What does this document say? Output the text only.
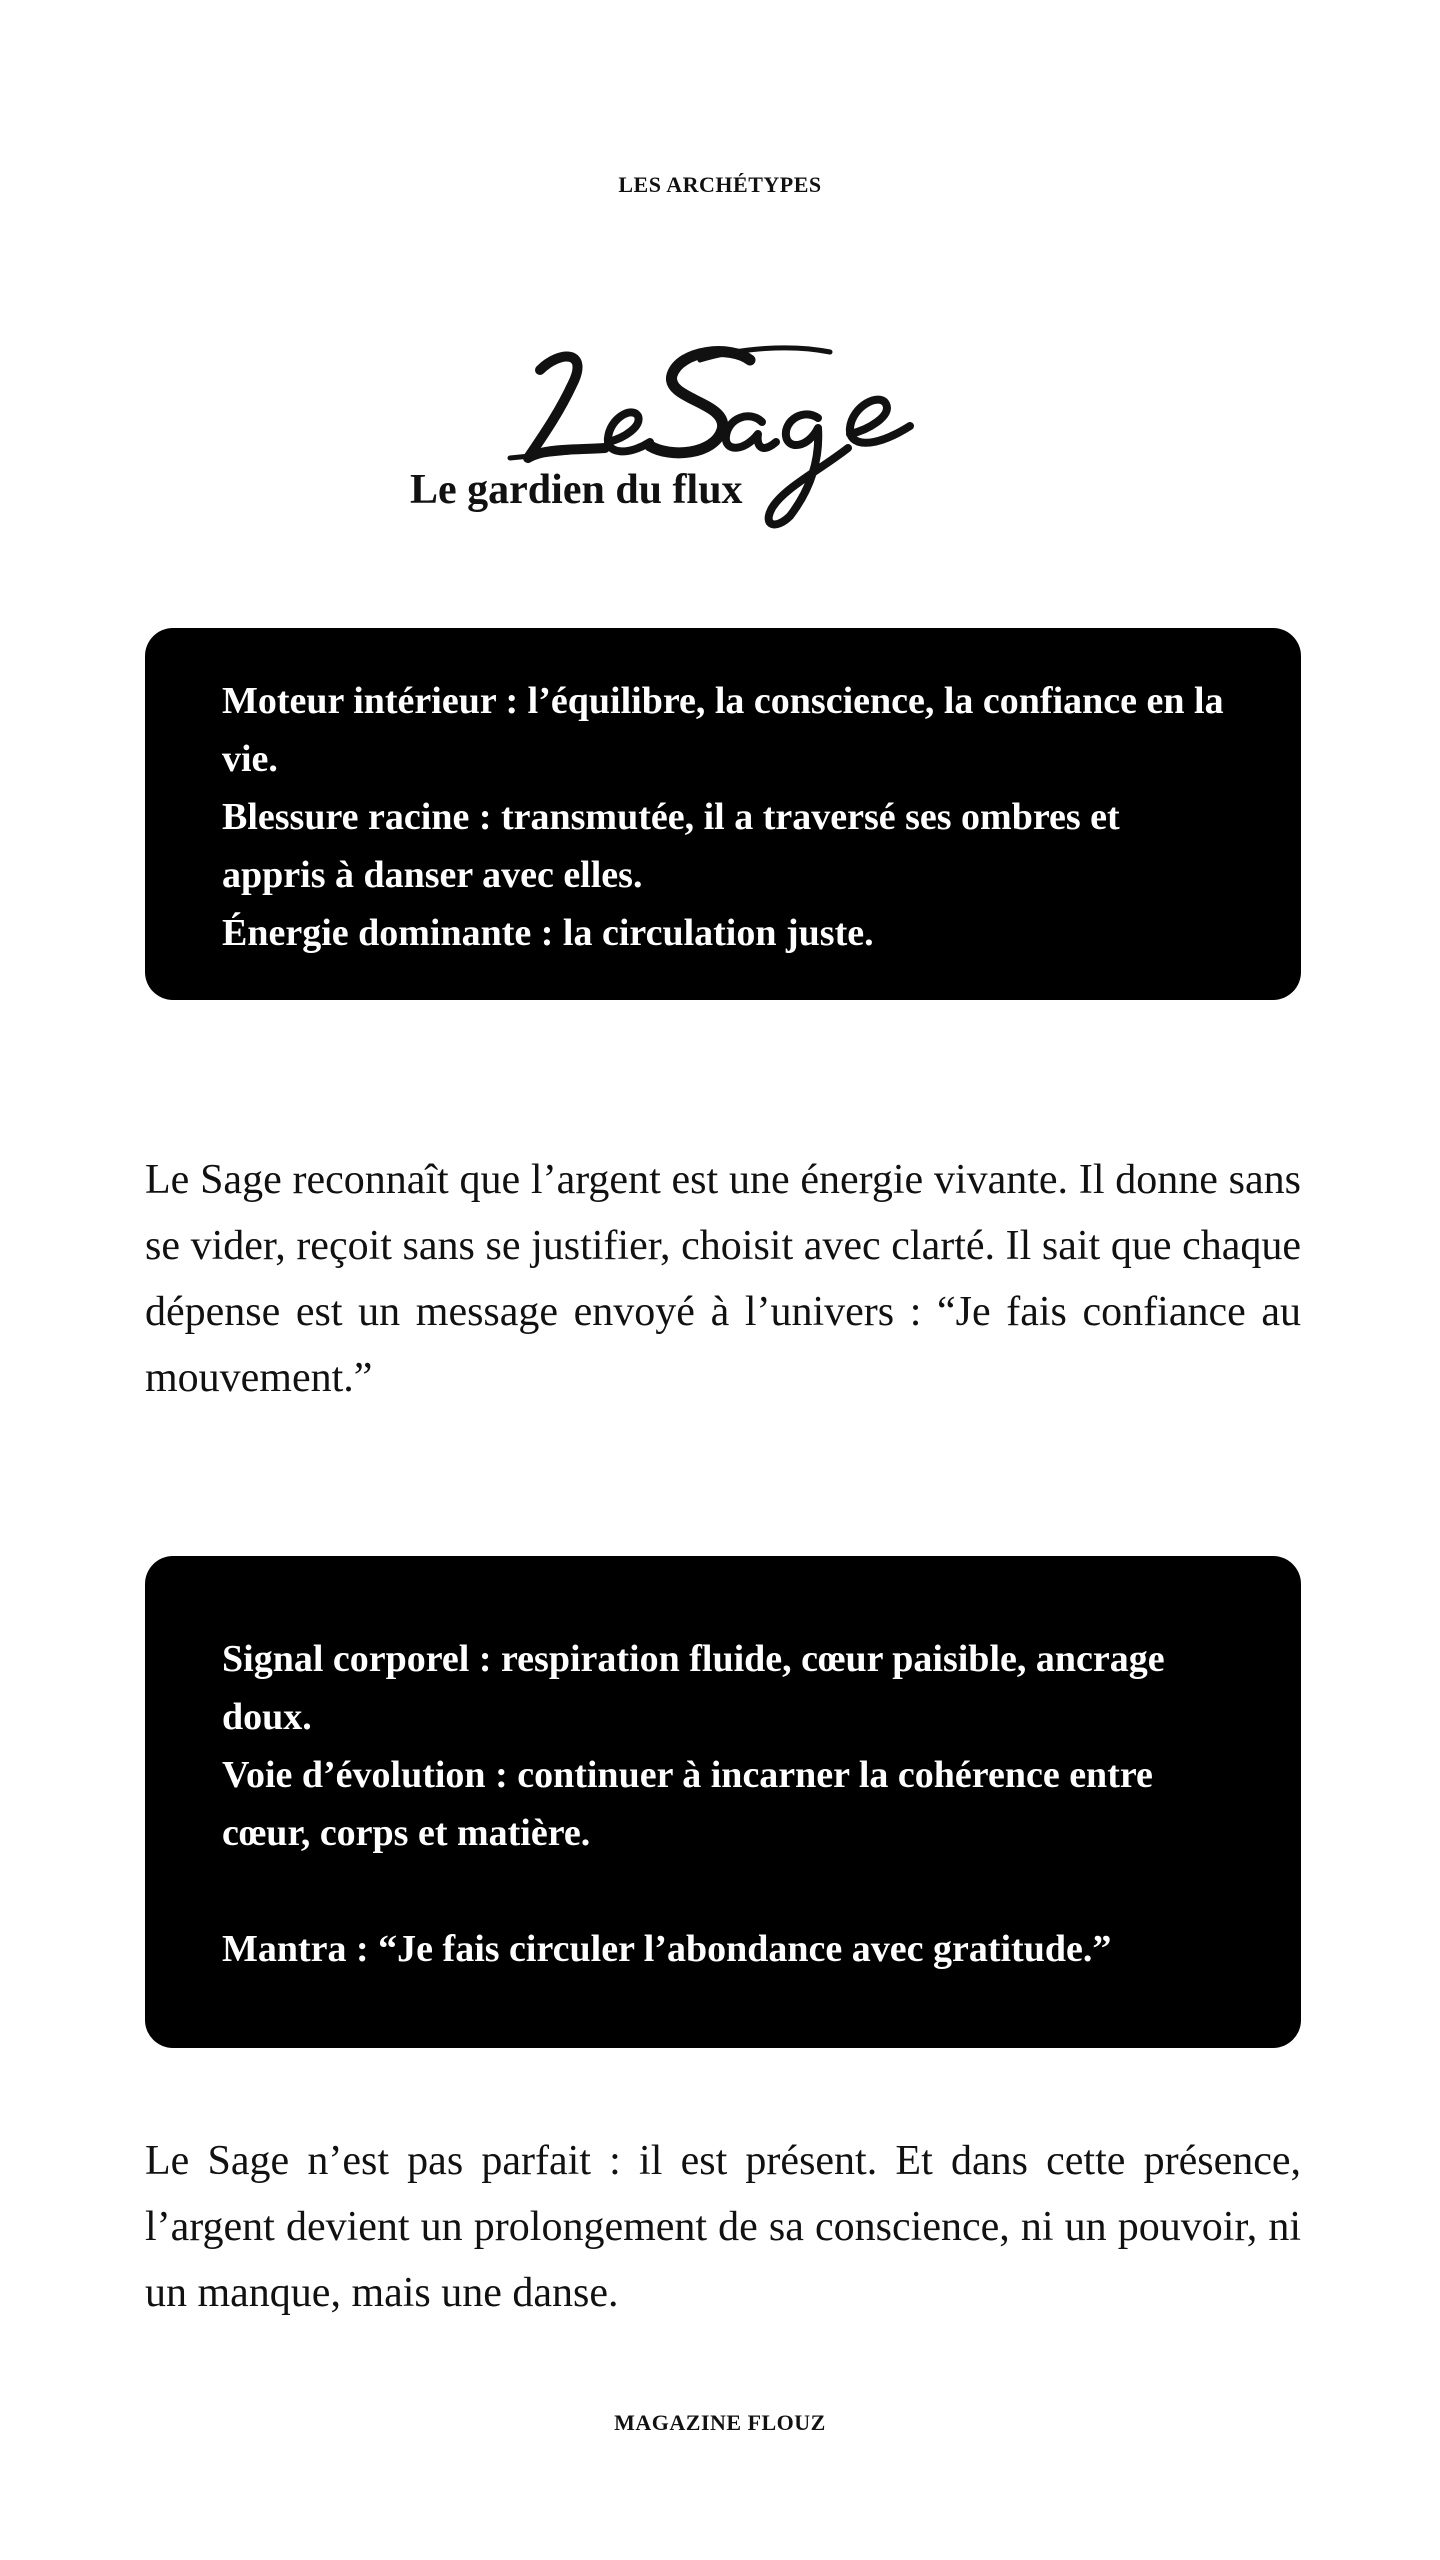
LES ARCHÉTYPES
Le gardien du flux

Moteur intérieur : l’équilibre, la conscience, la confiance en la vie.

Blessure racine : transmutée, il a traversé ses ombres et appris à danser avec elles.

Énergie dominante : la circulation juste.

Le Sage reconnaît que l’argent est une énergie vivante. Il donne sans se vider, reçoit sans se justifier, choisit avec clarté. Il sait que chaque dépense est un message envoyé à l’univers : “Je fais confiance au mouvement.”

Signal corporel : respiration fluide, cœur paisible, ancrage doux.

Voie d’évolution : continuer à incarner la cohérence entre cœur, corps et matière.

Mantra : “Je fais circuler l’abondance avec gratitude.”

Le Sage n’est pas parfait : il est présent. Et dans cette présence, l’argent devient un prolongement de sa conscience, ni un pouvoir, ni un manque, mais une danse.

MAGAZINE FLOUZ
